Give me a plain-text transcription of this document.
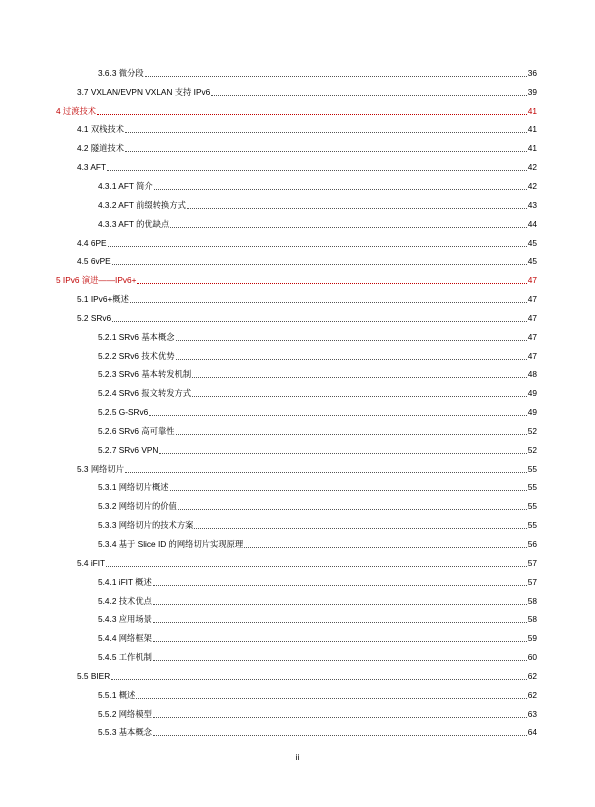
3.6.3 微分段	36
3.7 VXLAN/EVPN VXLAN 支持 IPv6	39
4 过渡技术	41
4.1 双栈技术	41
4.2 隧道技术	41
4.3 AFT	42
4.3.1 AFT 简介	42
4.3.2 AFT 前缀转换方式	43
4.3.3 AFT 的优缺点	44
4.4 6PE	45
4.5 6vPE	45
5 IPv6 演进——IPv6+	47
5.1 IPv6+概述	47
5.2 SRv6	47
5.2.1 SRv6 基本概念	47
5.2.2 SRv6 技术优势	47
5.2.3 SRv6 基本转发机制	48
5.2.4 SRv6 报文转发方式	49
5.2.5 G-SRv6	49
5.2.6 SRv6 高可靠性	52
5.2.7 SRv6 VPN	52
5.3 网络切片	55
5.3.1 网络切片概述	55
5.3.2 网络切片的价值	55
5.3.3 网络切片的技术方案	55
5.3.4 基于 Slice ID 的网络切片实现原理	56
5.4 iFIT	57
5.4.1 iFIT 概述	57
5.4.2 技术优点	58
5.4.3 应用场景	58
5.4.4 网络框架	59
5.4.5 工作机制	60
5.5 BIER	62
5.5.1 概述	62
5.5.2 网络模型	63
5.5.3 基本概念	64
ii
